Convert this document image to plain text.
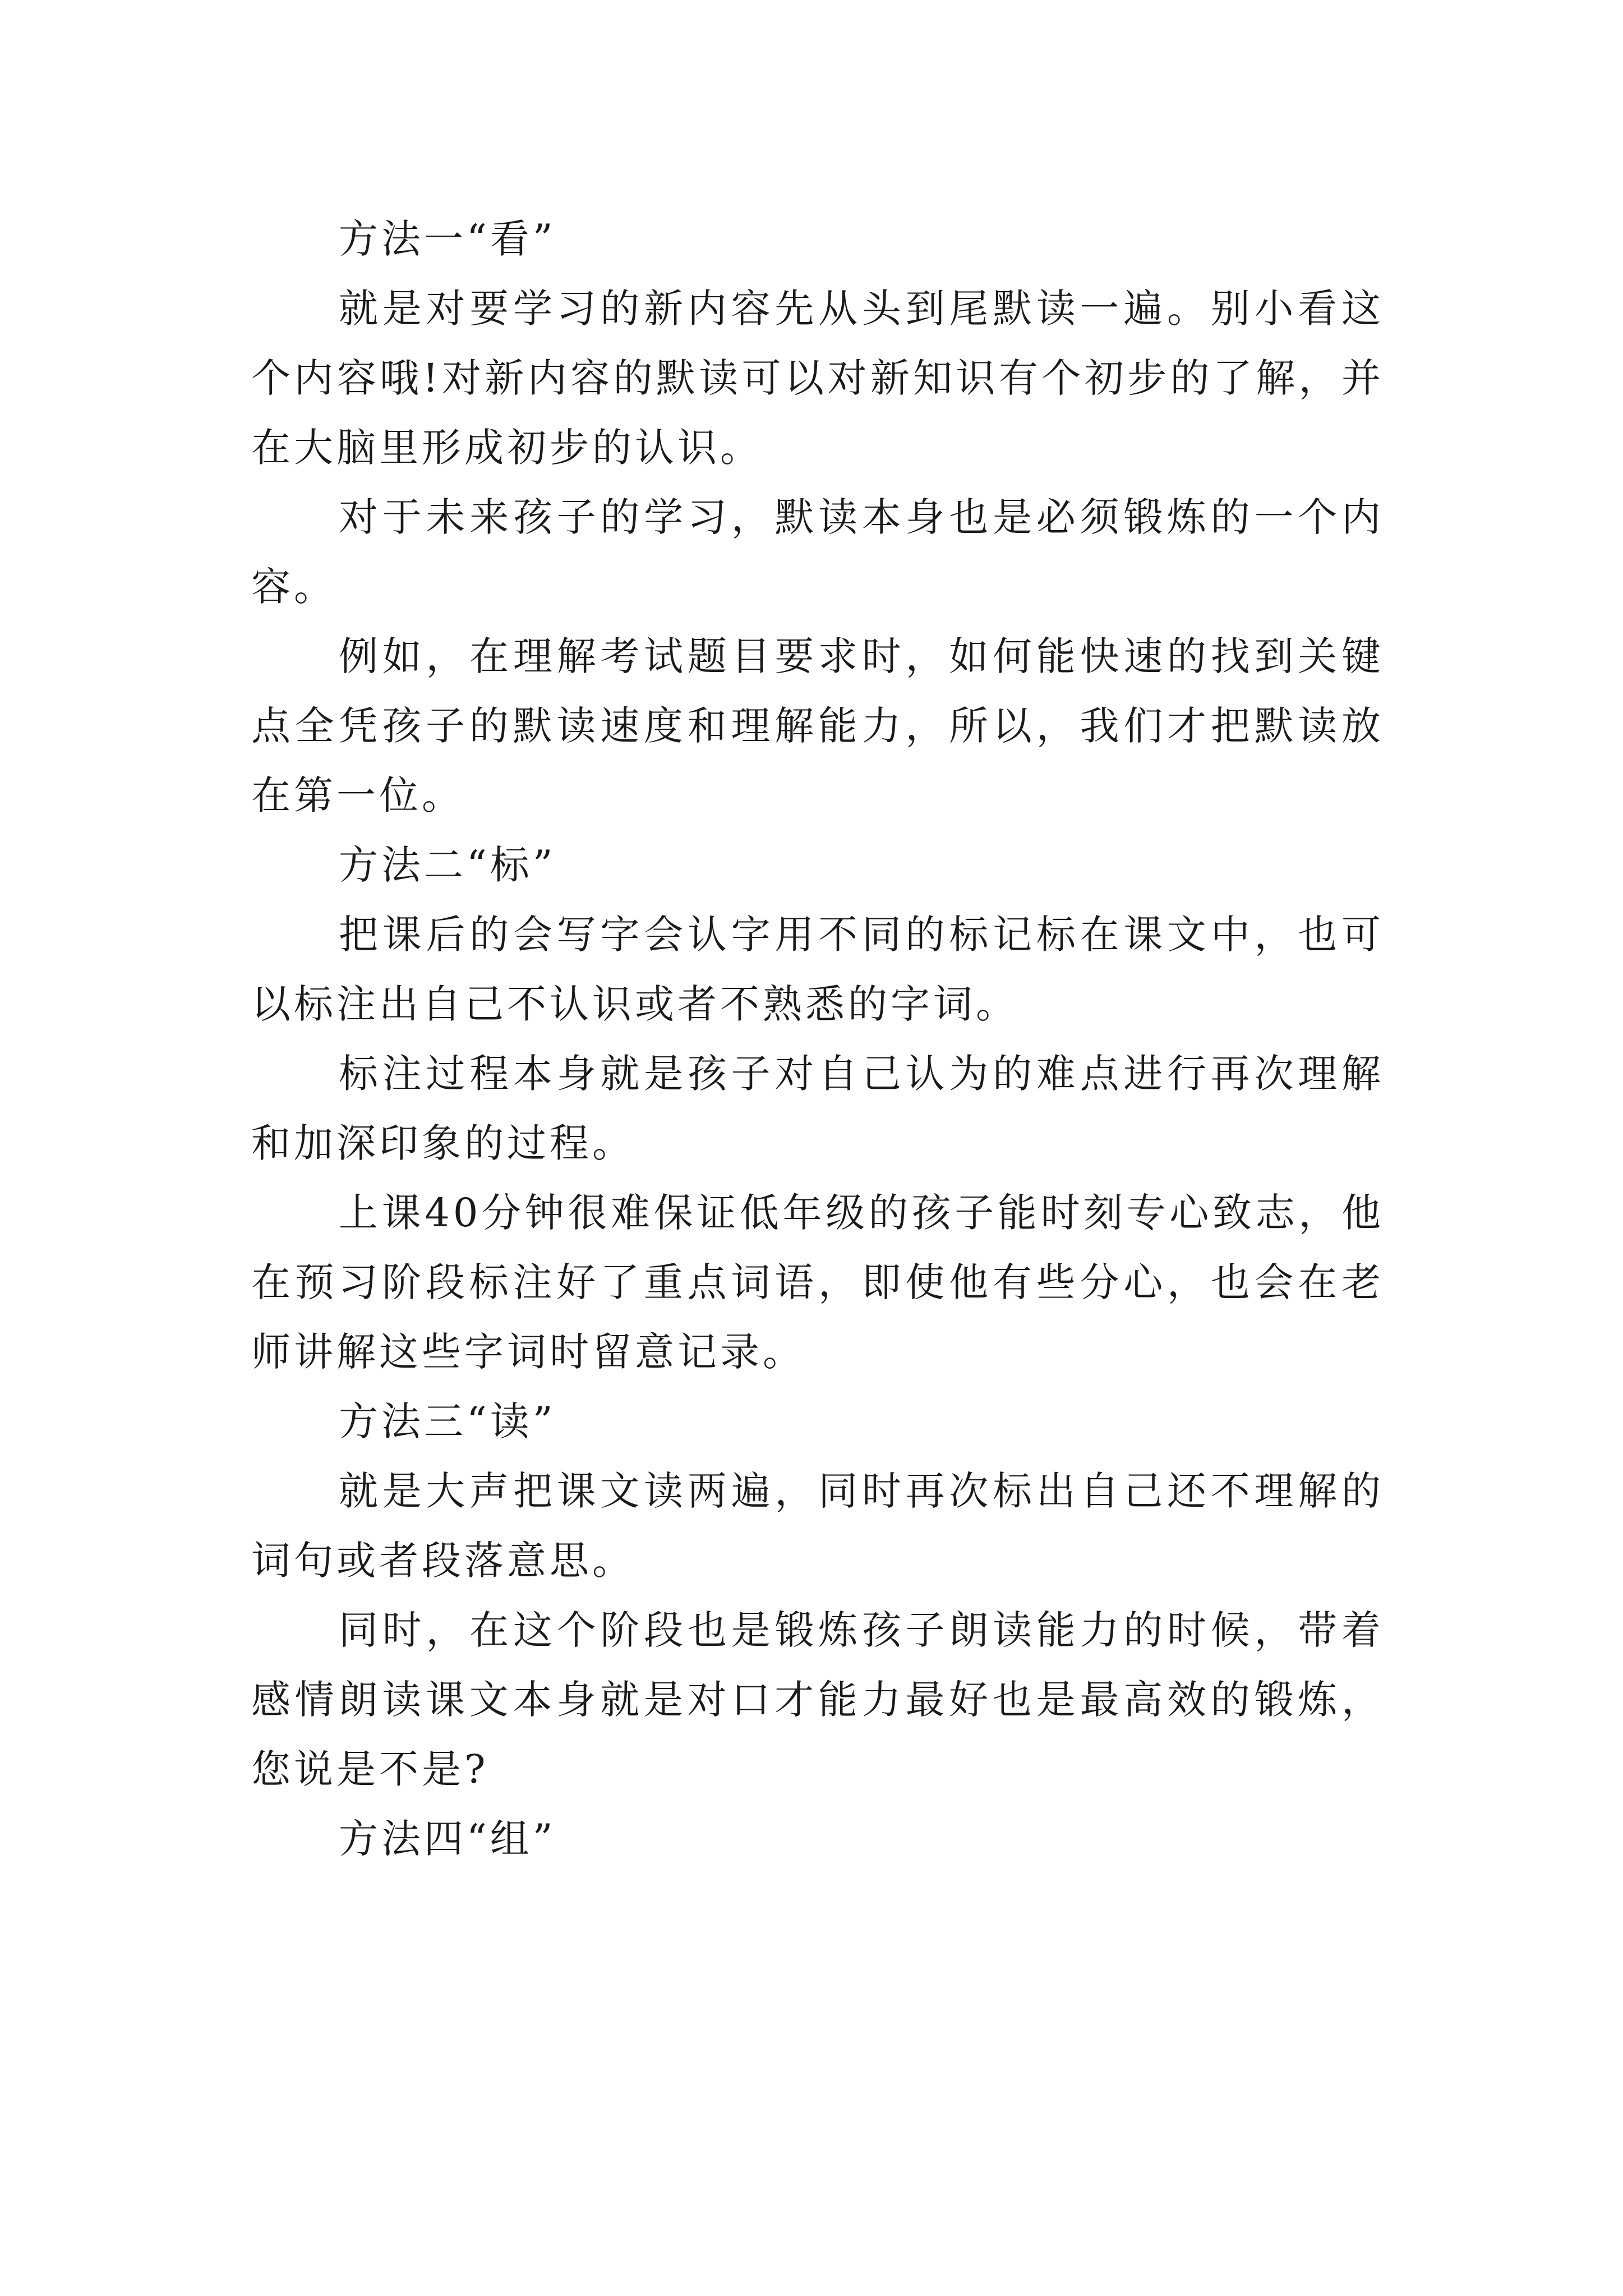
方法一“看”

就是对要学习的新内容先从头到尾默读一遍。别小看这个内容哦!对新内容的默读可以对新知识有个初步的了解，并在大脑里形成初步的认识。

对于未来孩子的学习，默读本身也是必须锻炼的一个内容。

例如，在理解考试题目要求时，如何能快速的找到关键点全凭孩子的默读速度和理解能力，所以，我们才把默读放在第一位。

方法二“标”

把课后的会写字会认字用不同的标记标在课文中，也可以标注出自己不认识或者不熟悉的字词。

标注过程本身就是孩子对自己认为的难点进行再次理解和加深印象的过程。

上课40分钟很难保证低年级的孩子能时刻专心致志，他在预习阶段标注好了重点词语，即使他有些分心，也会在老师讲解这些字词时留意记录。

方法三“读”

就是大声把课文读两遍，同时再次标出自己还不理解的词句或者段落意思。

同时，在这个阶段也是锻炼孩子朗读能力的时候，带着感情朗读课文本身就是对口才能力最好也是最高效的锻炼，您说是不是?

方法四“组”
